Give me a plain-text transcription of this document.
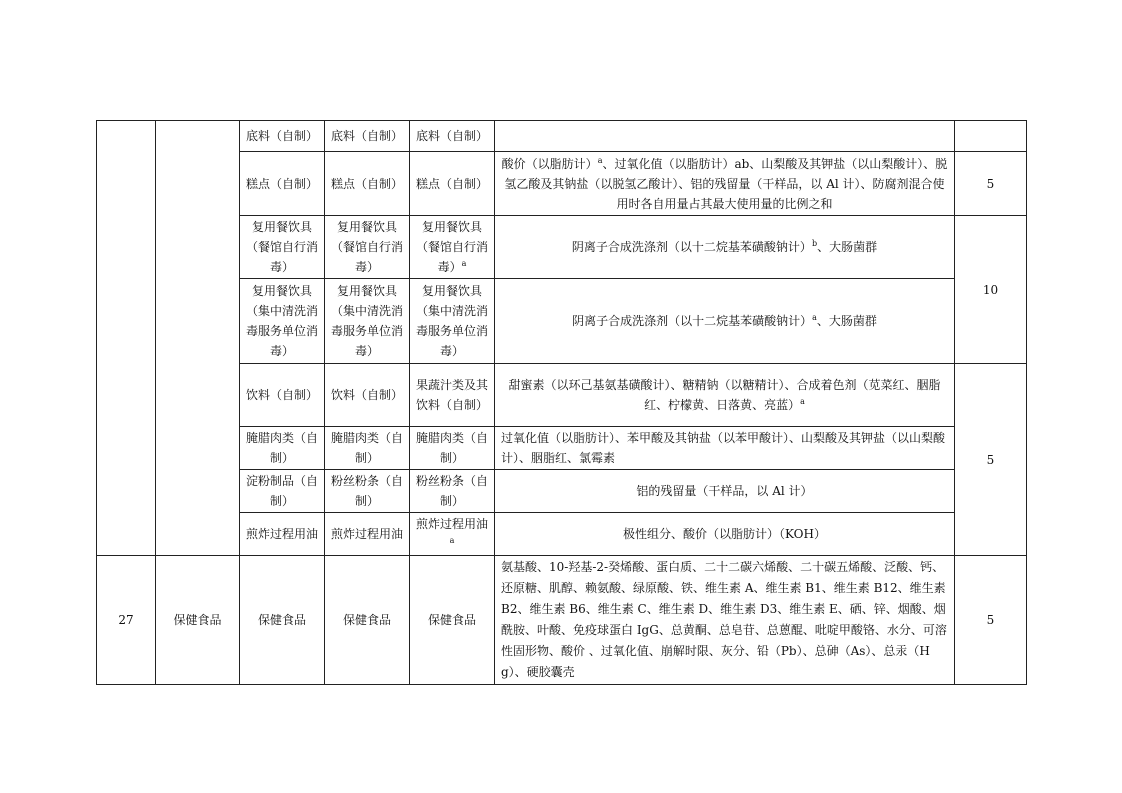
		底料（自制）	底料（自制）	底料（自制）		
		糕点（自制）	糕点（自制）	糕点（自制）	酸价（以脂肪计）$^a$、过氧化值（以脂肪计）ab、山梨酸及其钾盐（以山梨酸计）、脱氢乙酸及其钠盐（以脱氢乙酸计）、铝的残留量（干样品，以 Al 计）、防腐剂混合使用时各自用量占其最大使用量的比例之和	5
		复用餐饮具（餐馆自行消毒）	复用餐饮具（餐馆自行消毒）	复用餐饮具（餐馆自行消毒）$^a$	阴离子合成洗涤剂（以十二烷基苯磺酸钠计）$^b$、大肠菌群	10
		复用餐饮具（集中清洗消毒服务单位消毒）	复用餐饮具（集中清洗消毒服务单位消毒）	复用餐饮具（集中清洗消毒服务单位消毒）	阴离子合成洗涤剂（以十二烷基苯磺酸钠计）$^a$、大肠菌群	
		饮料（自制）	饮料（自制）	果蔬汁类及其饮料（自制）	甜蜜素（以环己基氨基磺酸计）、糖精钠（以糖精计）、合成着色剂（苋菜红、胭脂红、柠檬黄、日落黄、亮蓝）$^a$	5
		腌腊肉类（自制）	腌腊肉类（自制）	腌腊肉类（自制）	过氧化值（以脂肪计）、苯甲酸及其钠盐（以苯甲酸计）、山梨酸及其钾盐（以山梨酸计）、胭脂红、氯霉素	
		淀粉制品（自制）	粉丝粉条（自制）	粉丝粉条（自制）	铝的残留量（干样品，以 Al 计）	
		煎炸过程用油	煎炸过程用油	煎炸过程用油$^a$	极性组分、酸价（以脂肪计）（KOH）	
27	保健食品	保健食品	保健食品	保健食品	氨基酸、10-羟基-2-癸烯酸、蛋白质、二十二碳六烯酸、二十碳五烯酸、泛酸、钙、还原糖、肌醇、赖氨酸、绿原酸、铁、维生素 A、维生素 B1、维生素 B12、维生素 B2、维生素 B6、维生素 C、维生素 D、维生素 D3、维生素 E、硒、锌、烟酸、烟酰胺、叶酸、免疫球蛋白 IgG、总黄酮、总皂苷、总蒽醌、吡啶甲酸铬、水分、可溶性固形物、酸价 、过氧化值、崩解时限、灰分、铅（Pb）、总砷（As）、总汞（Hg）、硬胶囊壳	5
